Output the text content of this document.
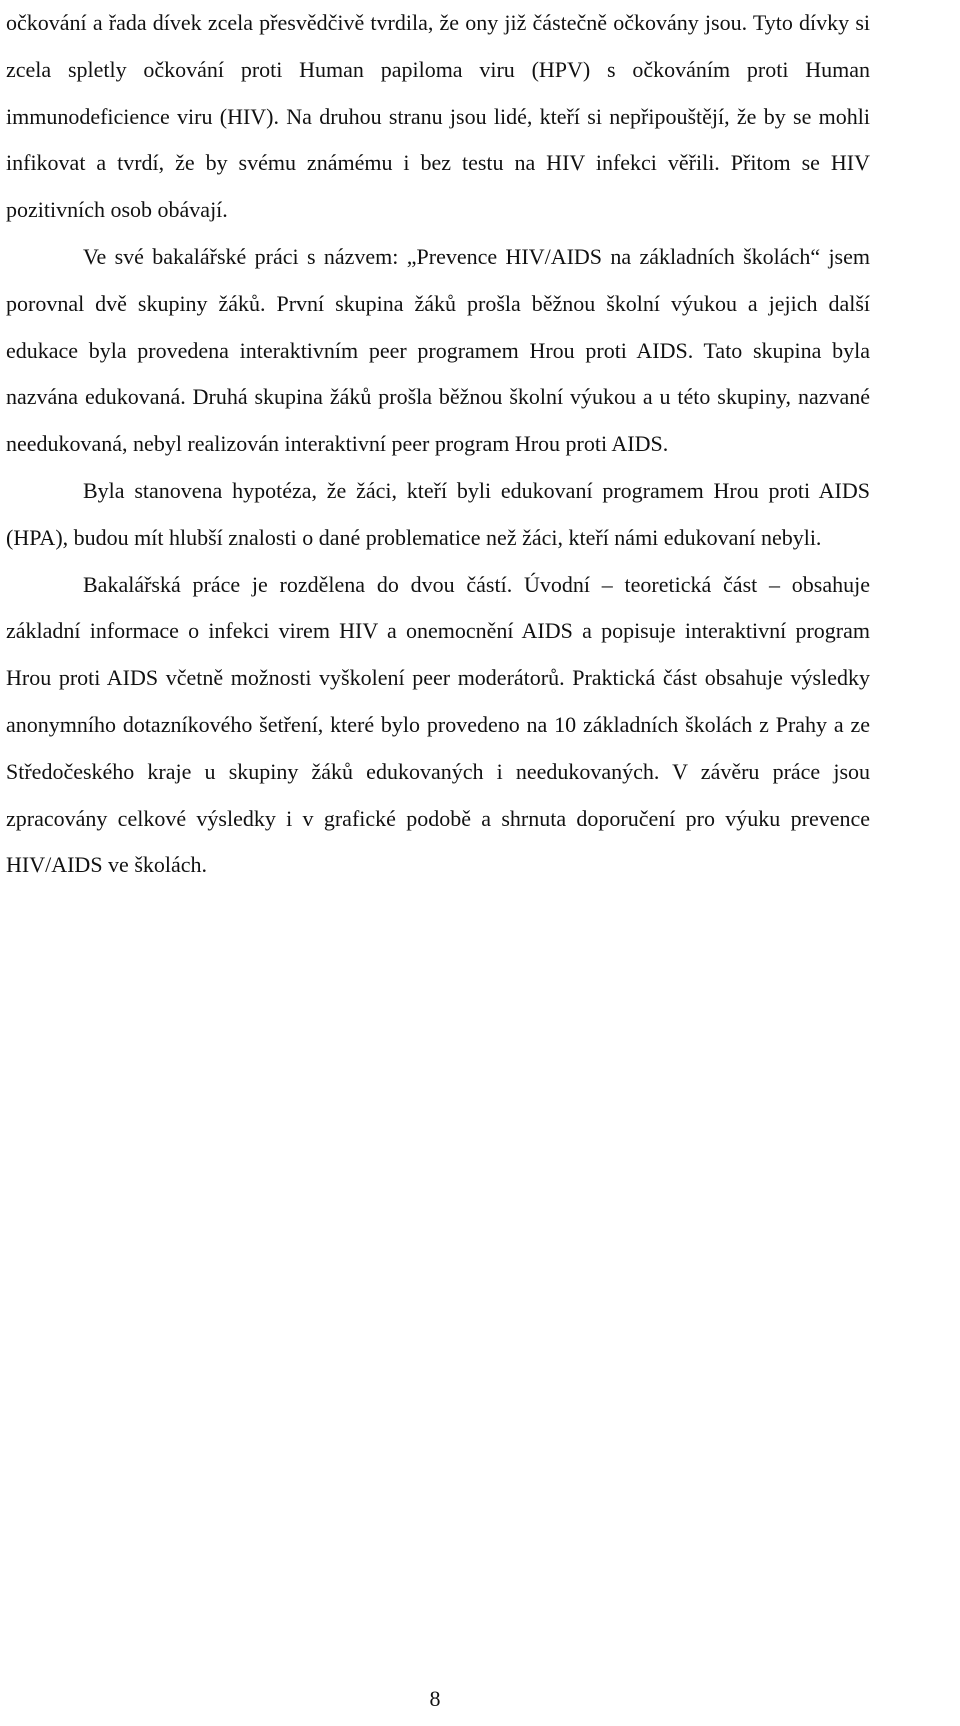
očkování a řada dívek zcela přesvědčivě tvrdila, že ony již částečně očkovány jsou. Tyto dívky si zcela spletly očkování proti Human papiloma viru (HPV) s očkováním proti Human immunodeficience viru (HIV). Na druhou stranu jsou lidé, kteří si nepřipouštějí, že by se mohli infikovat a tvrdí, že by svému známému i bez testu na HIV infekci věřili. Přitom se HIV pozitivních osob obávají.

Ve své bakalářské práci s názvem: „Prevence HIV/AIDS na základních školách“ jsem porovnal dvě skupiny žáků. První skupina žáků prošla běžnou školní výukou a jejich další edukace byla provedena interaktivním peer programem Hrou proti AIDS. Tato skupina byla nazvána edukovaná. Druhá skupina žáků prošla běžnou školní výukou a u této skupiny, nazvané needukovaná, nebyl realizován interaktivní peer program Hrou proti AIDS.

Byla stanovena hypotéza, že žáci, kteří byli edukovaní programem Hrou proti AIDS (HPA), budou mít hlubší znalosti o dané problematice než žáci, kteří námi edukovaní nebyli.

Bakalářská práce je rozdělena do dvou částí. Úvodní – teoretická část – obsahuje základní informace o infekci virem HIV a onemocnění AIDS a popisuje interaktivní program Hrou proti AIDS včetně možnosti vyškolení peer moderátorů. Praktická část obsahuje výsledky anonymního dotazníkového šetření, které bylo provedeno na 10 základních školách z Prahy a ze Středočeského kraje u skupiny žáků edukovaných i needukovaných. V závěru práce jsou zpracovány celkové výsledky i v grafické podobě a shrnuta doporučení pro výuku prevence HIV/AIDS ve školách.

8
